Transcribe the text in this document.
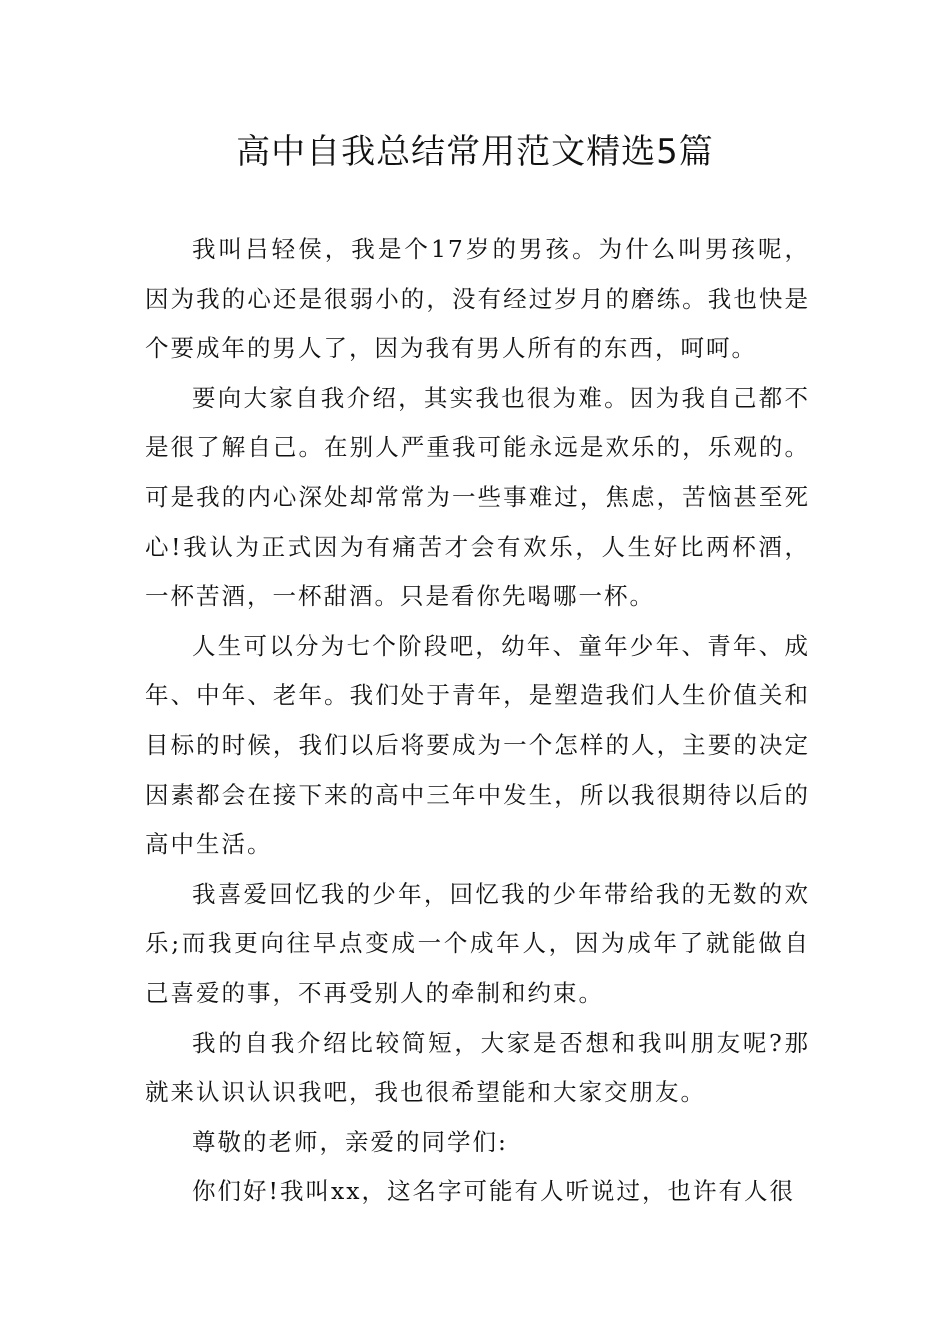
高中自我总结常用范文精选5篇

我叫吕轻侯，我是个17岁的男孩。为什么叫男孩呢，因为我的心还是很弱小的，没有经过岁月的磨练。我也快是个要成年的男人了，因为我有男人所有的东西，呵呵。

要向大家自我介绍，其实我也很为难。因为我自己都不是很了解自己。在别人严重我可能永远是欢乐的，乐观的。可是我的内心深处却常常为一些事难过，焦虑，苦恼甚至死心!我认为正式因为有痛苦才会有欢乐，人生好比两杯酒，一杯苦酒，一杯甜酒。只是看你先喝哪一杯。

人生可以分为七个阶段吧，幼年、童年少年、青年、成年、中年、老年。我们处于青年，是塑造我们人生价值关和目标的时候，我们以后将要成为一个怎样的人，主要的决定因素都会在接下来的高中三年中发生，所以我很期待以后的高中生活。

我喜爱回忆我的少年，回忆我的少年带给我的无数的欢乐;而我更向往早点变成一个成年人，因为成年了就能做自己喜爱的事，不再受别人的牵制和约束。

我的自我介绍比较简短，大家是否想和我叫朋友呢?那就来认识认识我吧，我也很希望能和大家交朋友。

尊敬的老师，亲爱的同学们:

你们好!我叫xx，这名字可能有人听说过，也许有人很
